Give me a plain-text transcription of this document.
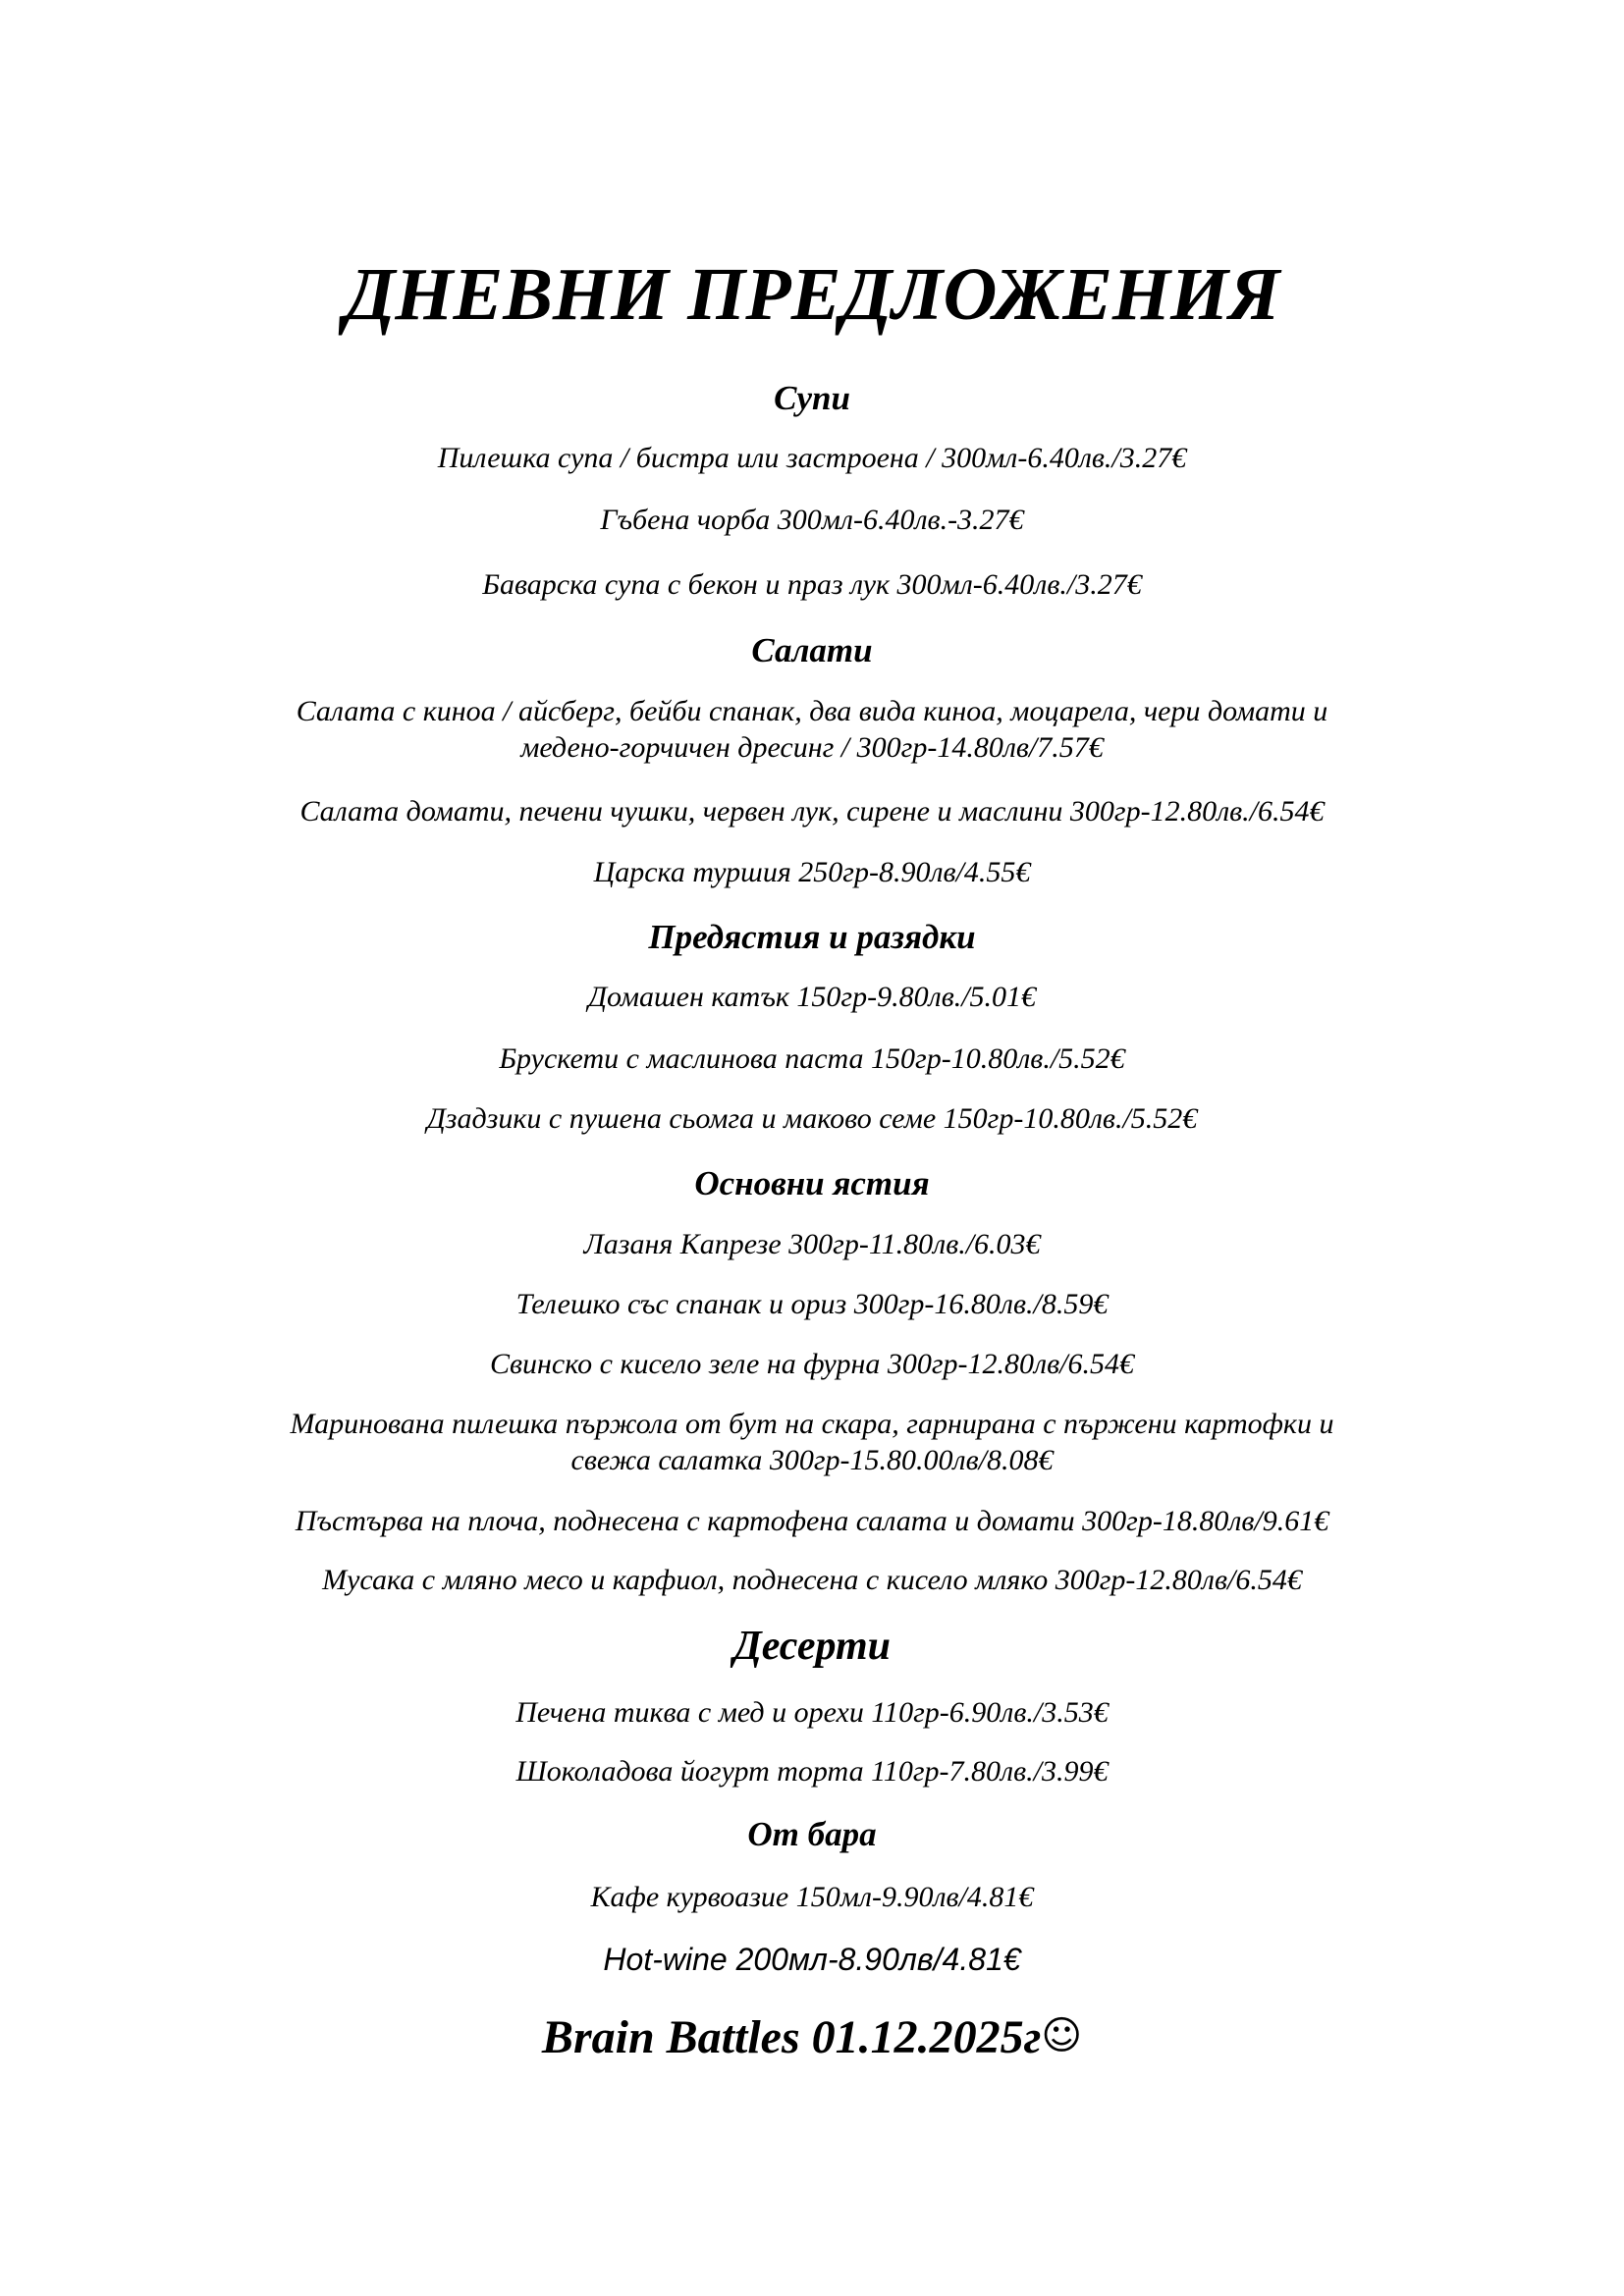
ДНЕВНИ ПРЕДЛОЖЕНИЯ
Супи
Пилешка супа / бистра или застроена / 300мл-6.40лв./3.27€
Гъбена чорба 300мл-6.40лв.-3.27€
Баварска супа с бекон и праз лук 300мл-6.40лв./3.27€
Салати
Салата с киноа / айсберг, бейби спанак, два вида киноа, моцарела, чери домати и
медено-горчичен дресинг / 300гр-14.80лв/7.57€
Салата домати, печени чушки, червен лук, сирене и маслини 300гр-12.80лв./6.54€
Царска туршия 250гр-8.90лв/4.55€
Предястия и разядки
Домашен катък 150гр-9.80лв./5.01€
Брускети с маслинова паста 150гр-10.80лв./5.52€
Дзадзики с пушена сьомга и маково семе 150гр-10.80лв./5.52€
Основни ястия
Лазаня Капрезе 300гр-11.80лв./6.03€
Телешко със спанак и ориз 300гр-16.80лв./8.59€
Свинско с кисело зеле на фурна 300гр-12.80лв/6.54€
Маринована пилешка пържола от бут на скара, гарнирана с пържени картофки и
свежа салатка 300гр-15.80.00лв/8.08€
Пъстърва на плоча, поднесена с картофена салата и домати 300гр-18.80лв/9.61€
Мусака с мляно месо и карфиол, поднесена с кисело мляко 300гр-12.80лв/6.54€
Десерти
Печена тиква с мед и орехи 110гр-6.90лв./3.53€
Шоколадова йогурт торта 110гр-7.80лв./3.99€
От бара
Кафе курвоазие 150мл-9.90лв/4.81€
Hot-wine 200мл-8.90лв/4.81€
Brain Battles 01.12.2025г☺
